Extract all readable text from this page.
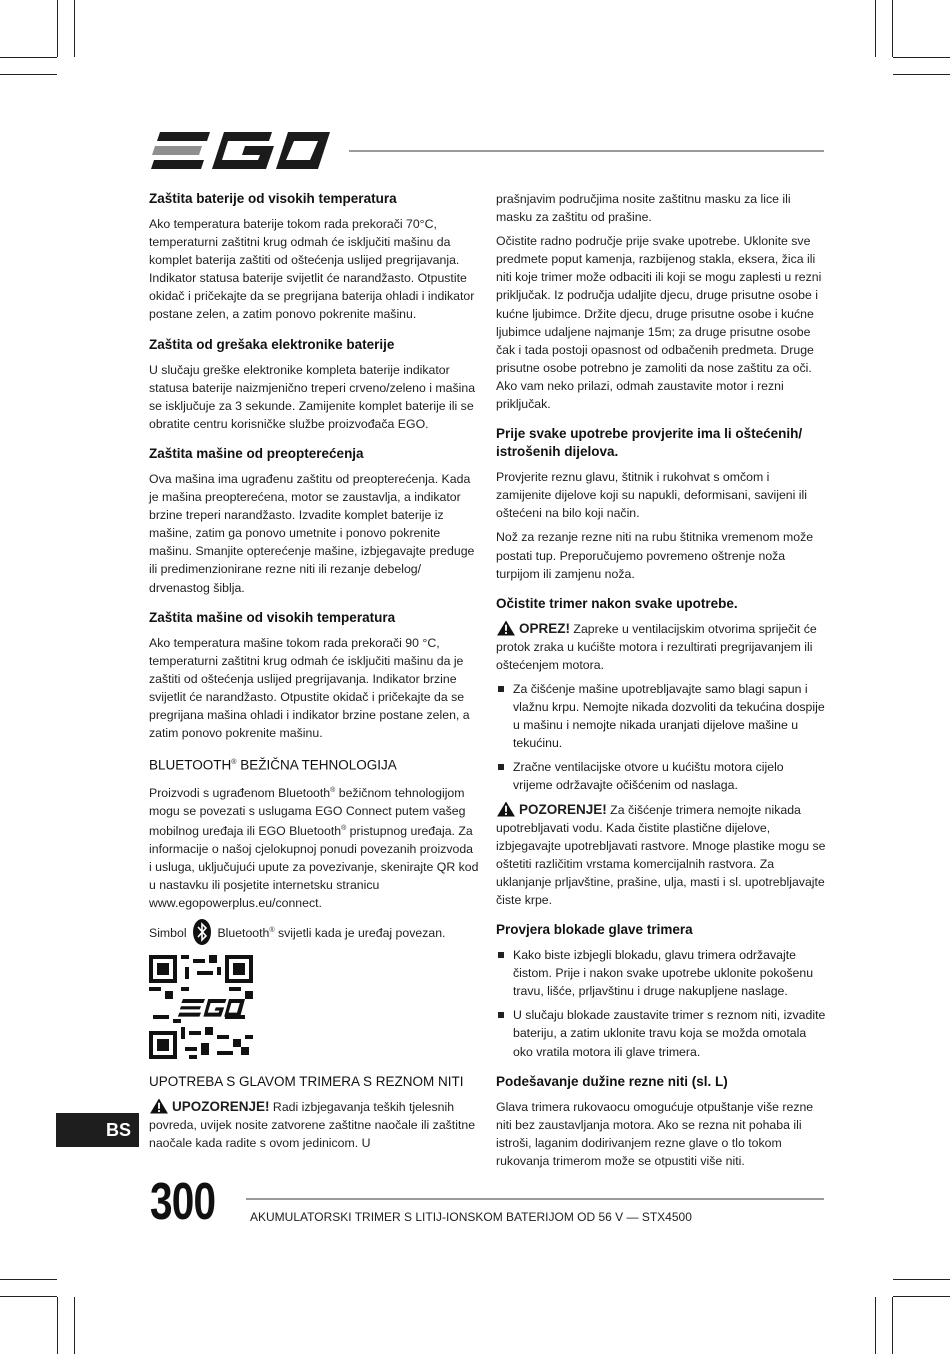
Zaštita baterije od visokih temperatura

Ako temperatura baterije tokom rada prekorači 70°C, temperaturni zaštitni krug odmah će isključiti mašinu da komplet baterija zaštiti od oštećenja uslijed pregrijavanja. Indikator statusa baterije svijetlit će narandžasto. Otpustite okidač i pričekajte da se pregrijana baterija ohladi i indikator postane zelen, a zatim ponovo pokrenite mašinu.

Zaštita od grešaka elektronike baterije

U slučaju greške elektronike kompleta baterije indikator statusa baterije naizmjenično treperi crveno/zeleno i mašina se isključuje za 3 sekunde. Zamijenite komplet baterije ili se obratite centru korisničke službe proizvođača EGO.

Zaštita mašine od preopterećenja

Ova mašina ima ugrađenu zaštitu od preopterećenja. Kada je mašina preopterećena, motor se zaustavlja, a indikator brzine treperi narandžasto. Izvadite komplet baterije iz mašine, zatim ga ponovo umetnite i ponovo pokrenite mašinu. Smanjite opterećenje mašine, izbjegavajte preduge ili predimenzionirane rezne niti ili rezanje debelog/ drvenastog šiblja.

Zaštita mašine od visokih temperatura

Ako temperatura mašine tokom rada prekorači 90 °C, temperaturni zaštitni krug odmah će isključiti mašinu da je zaštiti od oštećenja uslijed pregrijavanja. Indikator brzine svijetlit će narandžasto. Otpustite okidač i pričekajte da se pregrijana mašina ohladi i indikator brzine postane zelen, a zatim ponovo pokrenite mašinu.

BLUETOOTH® BEŽIČNA TEHNOLOGIJA

Proizvodi s ugrađenom Bluetooth® bežičnom tehnologijom mogu se povezati s uslugama EGO Connect putem vašeg mobilnog uređaja ili EGO Bluetooth® pristupnog uređaja. Za informacije o našoj cjelokupnoj ponudi povezanih proizvoda i usluga, uključujući upute za povezivanje, skenirajte QR kod u nastavku ili posjetite internetsku stranicu www.egopowerplus.eu/connect.

Simbol	Bluetooth® svijetli kada je uređaj povezan.

UPOTREBA S GLAVOM TRIMERA S REZNOM NITI

UPOZORENJE! Radi izbjegavanja teških tjelesnih povreda, uvijek nosite zatvorene zaštitne naočale ili zaštitne naočale kada radite s ovom jedinicom. U

prašnjavim područjima nosite zaštitnu masku za lice ili masku za zaštitu od prašine.

Očistite radno područje prije svake upotrebe. Uklonite sve predmete poput kamenja, razbijenog stakla, eksera, žica ili niti koje trimer može odbaciti ili koji se mogu zaplesti u rezni priključak. Iz područja udaljite djecu, druge prisutne osobe i kućne ljubimce. Držite djecu, druge prisutne osobe i kućne ljubimce udaljene najmanje 15m; za druge prisutne osobe čak i tada postoji opasnost od odbačenih predmeta. Druge prisutne osobe potrebno je zamoliti da nose zaštitu za oči. Ako vam neko prilazi, odmah zaustavite motor i rezni priključak.

Prije svake upotrebe provjerite ima li oštećenih/ istrošenih dijelova.

Provjerite reznu glavu, štitnik i rukohvat s omčom i zamijenite dijelove koji su napukli, deformisani, savijeni ili oštećeni na bilo koji način.

Nož za rezanje rezne niti na rubu štitnika vremenom može postati tup. Preporučujemo povremeno oštrenje noža turpijom ili zamjenu noža.

Očistite trimer nakon svake upotrebe.

OPREZ! Zapreke u ventilacijskim otvorima spriječit će protok zraka u kućište motora i rezultirati pregrijavanjem ili oštećenjem motora.

Za čišćenje mašine upotrebljavajte samo blagi sapun i vlažnu krpu. Nemojte nikada dozvoliti da tekućina dospije u mašinu i nemojte nikada uranjati dijelove mašine u tekućinu.
Zračne ventilacijske otvore u kućištu motora cijelo vrijeme održavajte očišćenim od naslaga.

POZORENJE! Za čišćenje trimera nemojte nikada upotrebljavati vodu. Kada čistite plastične dijelove, izbjegavajte upotrebljavati rastvore. Mnoge plastike mogu se oštetiti različitim vrstama komercijalnih rastvora. Za uklanjanje prljavštine, prašine, ulja, masti i sl. upotrebljavajte čiste krpe.

Provjera blokade glave trimera
Kako biste izbjegli blokadu, glavu trimera održavajte čistom. Prije i nakon svake upotrebe uklonite pokošenu travu, lišće, prljavštinu i druge nakupljene naslage.
U slučaju blokade zaustavite trimer s reznom niti, izvadite bateriju, a zatim uklonite travu koja se možda omotala oko vratila motora ili glave trimera.
Podešavanje dužine rezne niti (sl. L)

Glava trimera rukovaocu omogućuje otpuštanje više rezne niti bez zaustavljanja motora. Ako se rezna nit pohaba ili istroši, laganim dodirivanjem rezne glave o tlo tokom rukovanja trimerom može se otpustiti više niti.

BS
300	AKUMULATORSKI TRIMER S LITIJ-IONSKOM BATERIJOM OD 56 V — STX4500
